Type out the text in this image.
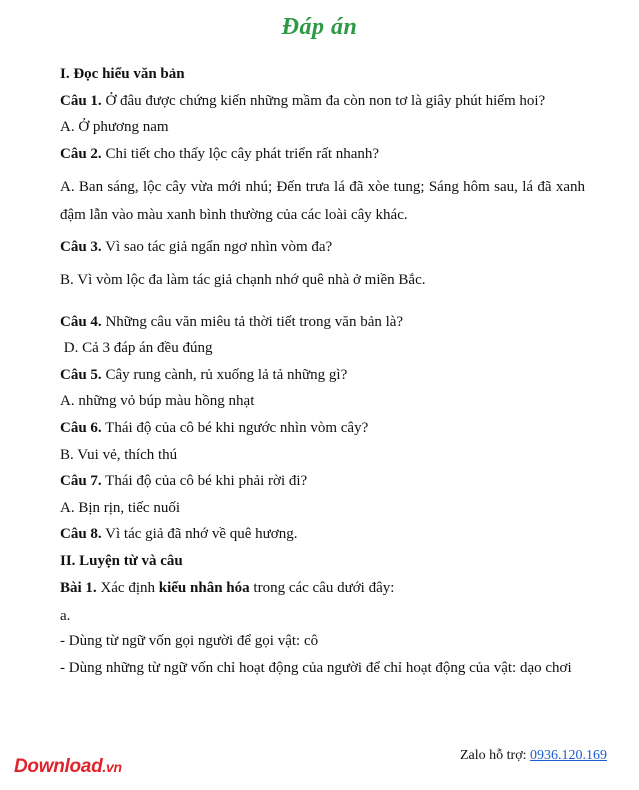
Đáp án
I. Đọc hiểu văn bản
Câu 1. Ở đâu được chứng kiến những mầm đa còn non tơ là giây phút hiếm hoi?
A. Ở phương nam
Câu 2. Chi tiết cho thấy lộc cây phát triển rất nhanh?
A. Ban sáng, lộc cây vừa mới nhú; Đến trưa lá đã xòe tung; Sáng hôm sau, lá đã xanh đậm lẫn vào màu xanh bình thường của các loài cây khác.
Câu 3. Vì sao tác giả ngẩn ngơ nhìn vòm đa?
B. Vì vòm lộc đa làm tác giả chạnh nhớ quê nhà ở miền Bắc.
Câu 4. Những câu văn miêu tả thời tiết trong văn bản là?
D. Cả 3 đáp án đều đúng
Câu 5. Cây rung cành, rủ xuống lả tả những gì?
A. những vỏ búp màu hồng nhạt
Câu 6. Thái độ của cô bé khi ngước nhìn vòm cây?
B. Vui vẻ, thích thú
Câu 7. Thái độ của cô bé khi phải rời đi?
A. Bịn rịn, tiếc nuối
Câu 8. Vì tác giả đã nhớ về quê hương.
II. Luyện từ và câu
Bài 1. Xác định kiểu nhân hóa trong các câu dưới đây:
a.
- Dùng từ ngữ vốn gọi người để gọi vật: cô
- Dùng những từ ngữ vốn chỉ hoạt động của người để chỉ hoạt động của vật: dạo chơi
Download.vn
Zalo hỗ trợ: 0936.120.169
